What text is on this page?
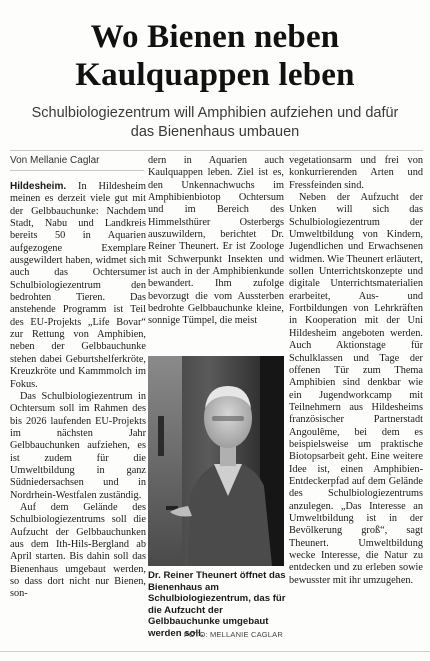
Wo Bienen neben
Kaulquappen leben
Schulbiologiezentrum will Amphibien aufziehen und dafür
das Bienenhaus umbauen
Von Mellanie Caglar

Hildesheim. In Hildesheim meinen es derzeit viele gut mit der Gelbbauchunke: Nachdem Stadt, Nabu und Landkreis bereits 50 in Aquarien aufgezogene Exemplare ausgewildert haben, widmet sich auch das Ochtersumer Schulbiologiezentrum den bedrohten Tieren. Das anstehende Programm ist Teil des EU-Projekts „Life Bovar“ zur Rettung von Amphibien, neben der Gelbbauchunke stehen dabei Geburtshelferkröte, Kreuzkröte und Kammmolch im Fokus.

Das Schulbiologiezentrum in Ochtersum soll im Rahmen des bis 2026 laufenden EU-Projekts im nächsten Jahr Gelbbauchunken aufziehen, es ist zudem für die Umweltbildung in ganz Südniedersachsen und in Nordrhein-Westfalen zuständig.

Auf dem Gelände des Schulbiologiezentrums soll die Aufzucht der Gelbbauchunken aus dem Ith-Hils-Bergland ab April starten. Bis dahin soll das Bienenhaus umgebaut werden, so dass dort nicht nur Bienen, son-

dern in Aquarien auch Kaulquappen leben. Ziel ist es, den Unkennachwuchs im Amphibienbiotop Ochtersum und im Bereich des Himmelsthürer Osterbergs auszuwildern, berichtet Dr. Reiner Theunert. Er ist Zoologe mit Schwerpunkt Insekten und ist auch in der Amphibienkunde bewandert. Ihm zufolge bevorzugt die vom Aussterben bedrohte Gelbbauchunke kleine, sonnige Tümpel, die meist

Dr. Reiner Theunert öffnet das Bienenhaus am Schulbiologiezentrum, das für die Aufzucht der Gelbbauchunke umgebaut werden soll.
FOTO: MELLANIE CAGLAR

vegetationsarm und frei von konkurrierenden Arten und Fressfeinden sind.

Neben der Aufzucht der Unken will sich das Schulbiologiezentrum der Umweltbildung von Kindern, Jugendlichen und Erwachsenen widmen. Wie Theunert erläutert, sollen Unterrichtskonzepte und digitale Unterrichtsmaterialien erarbeitet, Aus- und Fortbildungen von Lehrkräften in Kooperation mit der Uni Hildesheim angeboten werden. Auch Aktionstage für Schulklassen und Tage der offenen Tür zum Thema Amphibien sind denkbar wie ein Jugendworkcamp mit Teilnehmern aus Hildesheims französischer Partnerstadt Angoulême, bei dem es beispielsweise um praktische Biotopsarbeit geht. Eine weitere Idee ist, einen Amphibien-Entdeckerpfad auf dem Gelände des Schulbiologiezentrums anzulegen. „Das Interesse an Umweltbildung ist in der Bevölkerung groß“, sagt Theunert. Umweltbildung wecke Interesse, die Natur zu entdecken und zu erleben sowie bewusster mit ihr umzugehen.
